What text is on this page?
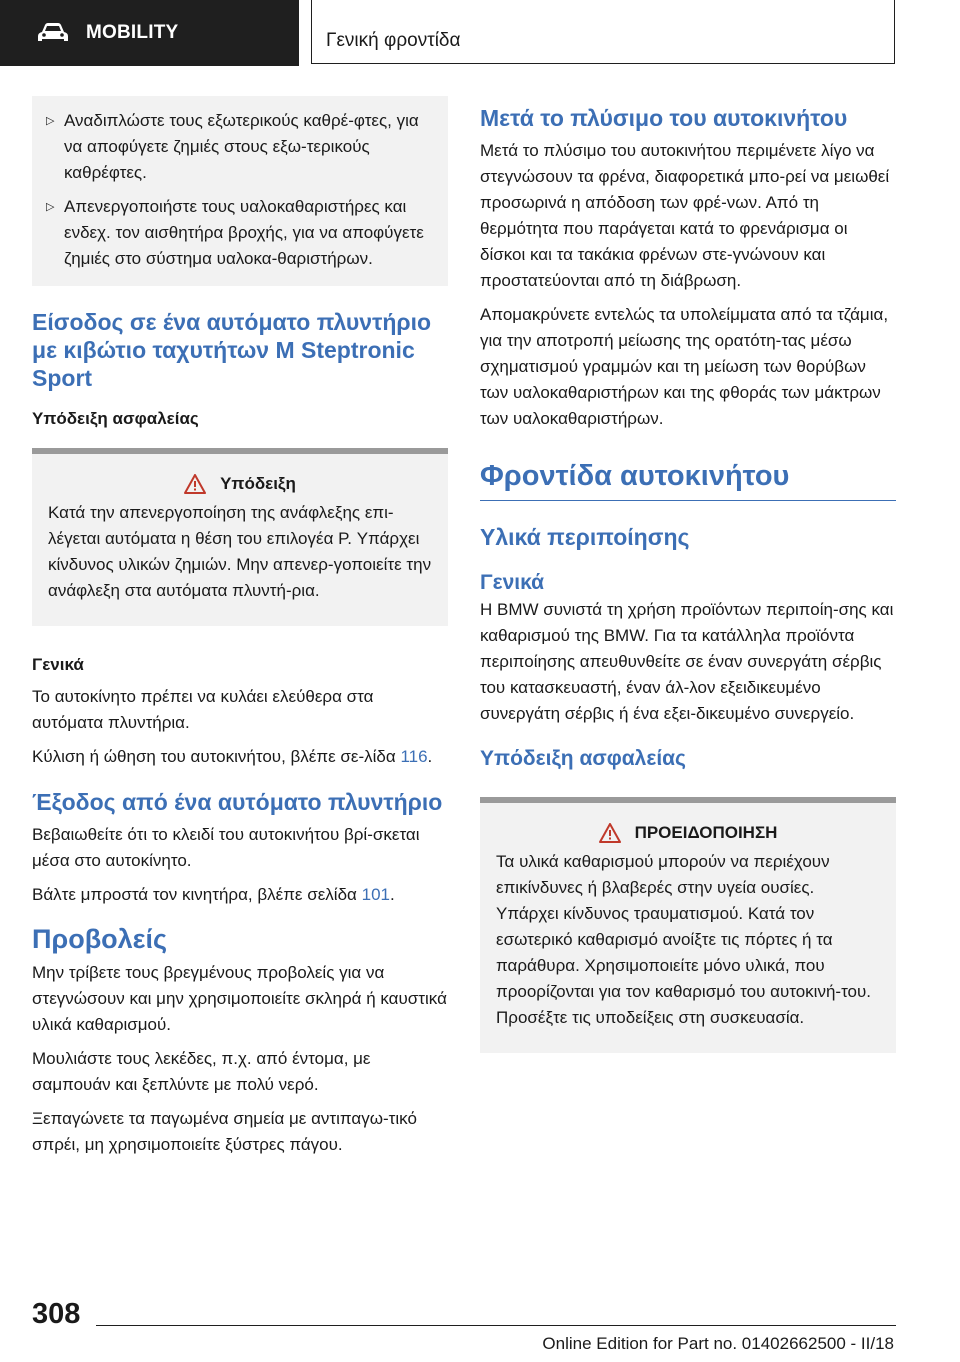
MOBILITY	Γενική φροντίδα
▷ Αναδιπλώστε τους εξωτερικούς καθρέ‐φτες, για να αποφύγετε ζημιές στους εξω‐τερικούς καθρέφτες.

▷ Απενεργοποιήστε τους υαλοκαθαριστήρες και ενδεχ. τον αισθητήρα βροχής, για να αποφύγετε ζημιές στο σύστημα υαλοκα‐θαριστήρων.

Είσοδος σε ένα αυτόματο πλυντήριο με κιβώτιο ταχυτήτων M Steptronic Sport

Υπόδειξη ασφαλείας

Υπόδειξη

Κατά την απενεργοποίηση της ανάφλεξης επι‐λέγεται αυτόματα η θέση του επιλογέα P. Υπάρχει κίνδυνος υλικών ζημιών. Μην απενερ‐γοποιείτε την ανάφλεξη στα αυτόματα πλυντή‐ρια.

Γενικά

Το αυτοκίνητο πρέπει να κυλάει ελεύθερα στα αυτόματα πλυντήρια.

Κύλιση ή ώθηση του αυτοκινήτου, βλέπε σε‐λίδα 116.

Έξοδος από ένα αυτόματο πλυντήριο

Βεβαιωθείτε ότι το κλειδί του αυτοκινήτου βρί‐σκεται μέσα στο αυτοκίνητο.

Βάλτε μπροστά τον κινητήρα, βλέπε σελίδα 101.

Προβολείς

Μην τρίβετε τους βρεγμένους προβολείς για να στεγνώσουν και μην χρησιμοποιείτε σκληρά ή καυστικά υλικά καθαρισμού.

Μουλιάστε τους λεκέδες, π.χ. από έντομα, με σαμπουάν και ξεπλύντε με πολύ νερό.

Ξεπαγώνετε τα παγωμένα σημεία με αντιπαγω‐τικό σπρέι, μη χρησιμοποιείτε ξύστρες πάγου.

Μετά το πλύσιμο του αυτοκινήτου

Μετά το πλύσιμο του αυτοκινήτου περιμένετε λίγο να στεγνώσουν τα φρένα, διαφορετικά μπο‐ρεί να μειωθεί προσωρινά η απόδοση των φρέ‐νων. Από τη θερμότητα που παράγεται κατά το φρενάρισμα οι δίσκοι και τα τακάκια φρένων στε‐γνώνουν και προστατεύονται από τη διάβρωση.

Απομακρύνετε εντελώς τα υπολείμματα από τα τζάμια, για την αποτροπή μείωσης της ορατότη‐τας μέσω σχηματισμού γραμμών και τη μείωση των θορύβων των υαλοκαθαριστήρων και της φθοράς των μάκτρων των υαλοκαθαριστήρων.

Φροντίδα αυτοκινήτου
Υλικά περιποίησης
Γενικά

Η BMW συνιστά τη χρήση προϊόντων περιποίη‐σης και καθαρισμού της BMW. Για τα κατάλληλα προϊόντα περιποίησης απευθυνθείτε σε έναν συνεργάτη σέρβις του κατασκευαστή, έναν άλ‐λον εξειδικευμένο συνεργάτη σέρβις ή ένα εξει‐δικευμένο συνεργείο.

Υπόδειξη ασφαλείας
ΠΡΟΕΙΔΟΠΟΙΗΣΗ

Τα υλικά καθαρισμού μπορούν να περιέχουν επικίνδυνες ή βλαβερές στην υγεία ουσίες. Υπάρχει κίνδυνος τραυματισμού. Κατά τον εσωτερικό καθαρισμό ανοίξτε τις πόρτες ή τα παράθυρα. Χρησιμοποιείτε μόνο υλικά, που προορίζονται για τον καθαρισμό του αυτοκινή‐του. Προσέξτε τις υποδείξεις στη συσκευασία.

308
Online Edition for Part no. 01402662500 - II/18
